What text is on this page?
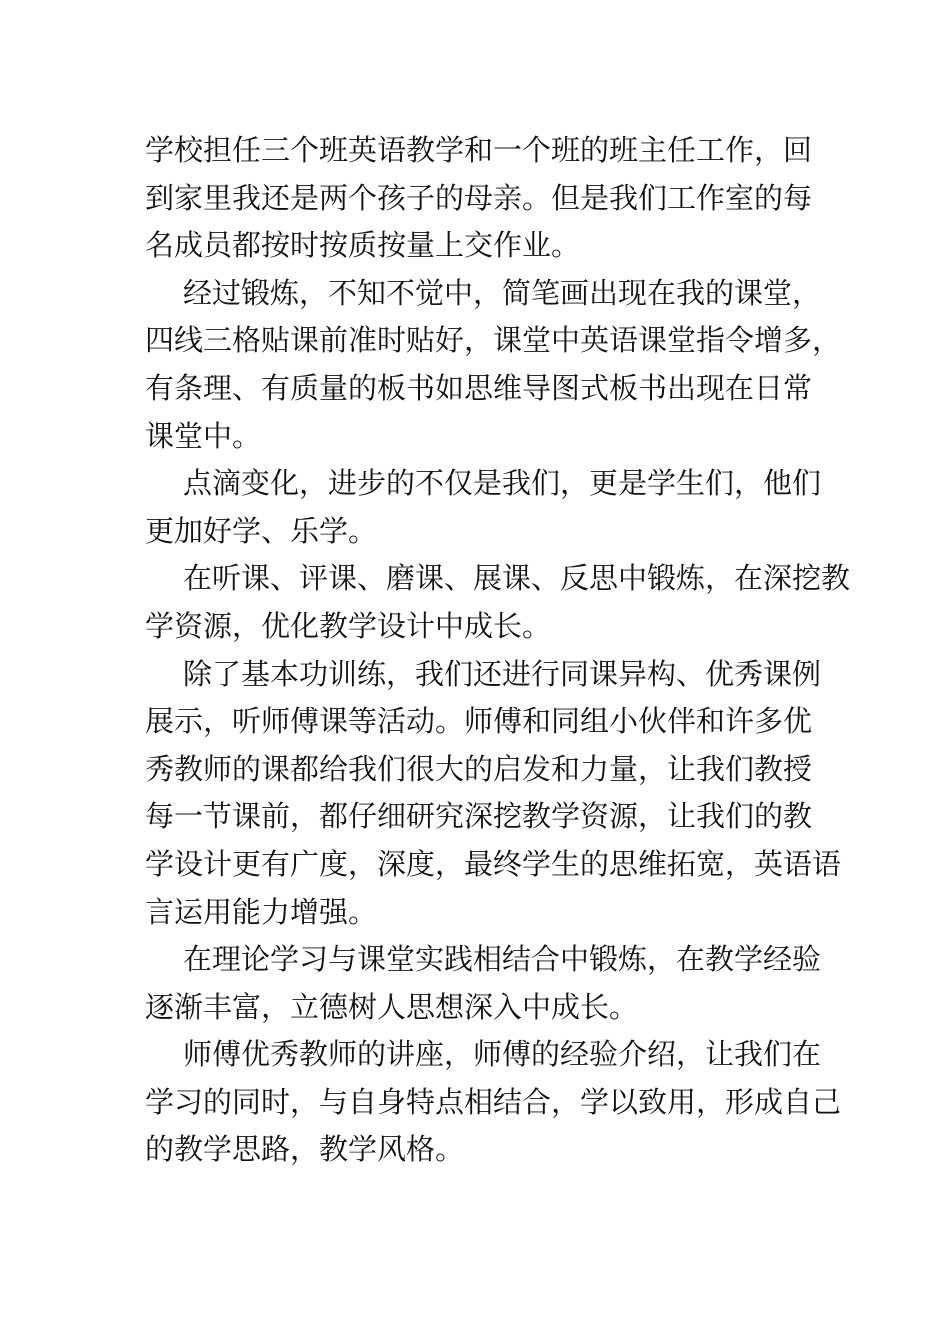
学校担任三个班英语教学和一个班的班主任工作，回
到家里我还是两个孩子的母亲。但是我们工作室的每
名成员都按时按质按量上交作业。
经过锻炼，不知不觉中，简笔画出现在我的课堂，
四线三格贴课前准时贴好，课堂中英语课堂指令增多，
有条理、有质量的板书如思维导图式板书出现在日常
课堂中。
点滴变化，进步的不仅是我们，更是学生们，他们
更加好学、乐学。
在听课、评课、磨课、展课、反思中锻炼，在深挖教
学资源，优化教学设计中成长。
除了基本功训练，我们还进行同课异构、优秀课例
展示，听师傅课等活动。师傅和同组小伙伴和许多优
秀教师的课都给我们很大的启发和力量，让我们教授
每一节课前，都仔细研究深挖教学资源，让我们的教
学设计更有广度，深度，最终学生的思维拓宽，英语语
言运用能力增强。
在理论学习与课堂实践相结合中锻炼，在教学经验
逐渐丰富，立德树人思想深入中成长。
师傅优秀教师的讲座，师傅的经验介绍，让我们在
学习的同时，与自身特点相结合，学以致用，形成自己
的教学思路，教学风格。
